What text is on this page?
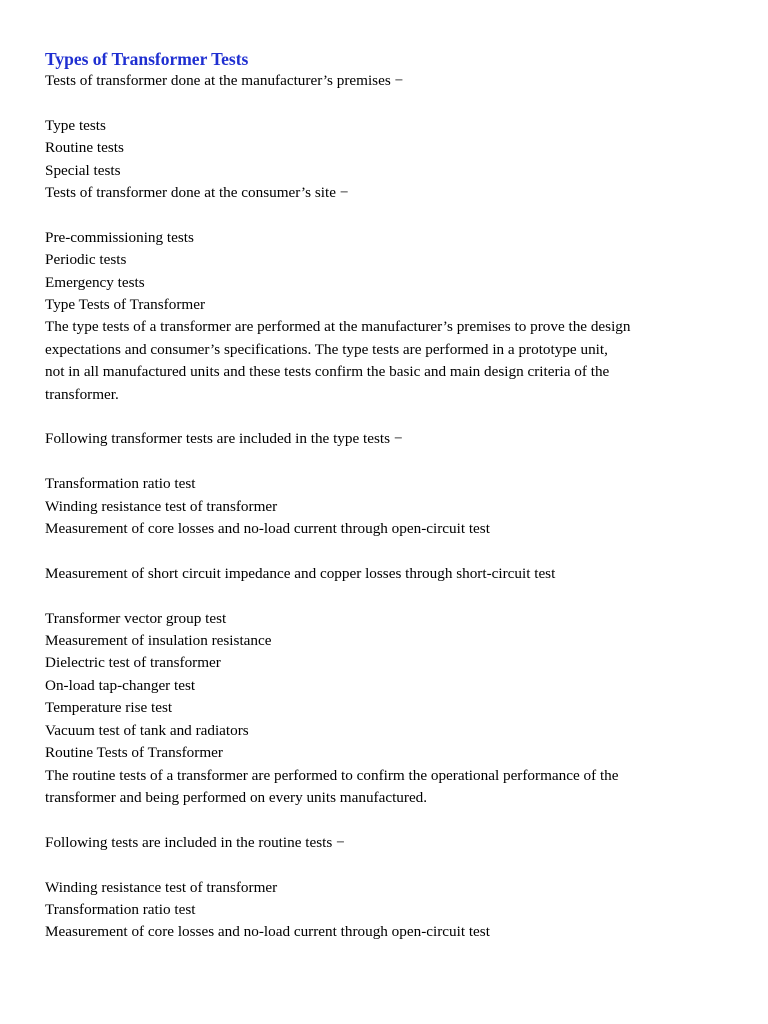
Types of Transformer Tests

Tests of transformer done at the manufacturer’s premises −

Type tests

Routine tests

Special tests

Tests of transformer done at the consumer’s site −

Pre-commissioning tests

Periodic tests

Emergency tests

Type Tests of Transformer

The type tests of a transformer are performed at the manufacturer’s premises to prove the design

expectations and consumer’s specifications. The type tests are performed in a prototype unit,

not in all manufactured units and these tests confirm the basic and main design criteria of the

transformer.

Following transformer tests are included in the type tests −

Transformation ratio test

Winding resistance test of transformer

Measurement of core losses and no-load current through open-circuit test

Measurement of short circuit impedance and copper losses through short-circuit test

Transformer vector group test

Measurement of insulation resistance

Dielectric test of transformer

On-load tap-changer test

Temperature rise test

Vacuum test of tank and radiators

Routine Tests of Transformer

The routine tests of a transformer are performed to confirm the operational performance of the

transformer and being performed on every units manufactured.

Following tests are included in the routine tests −

Winding resistance test of transformer

Transformation ratio test

Measurement of core losses and no-load current through open-circuit test
